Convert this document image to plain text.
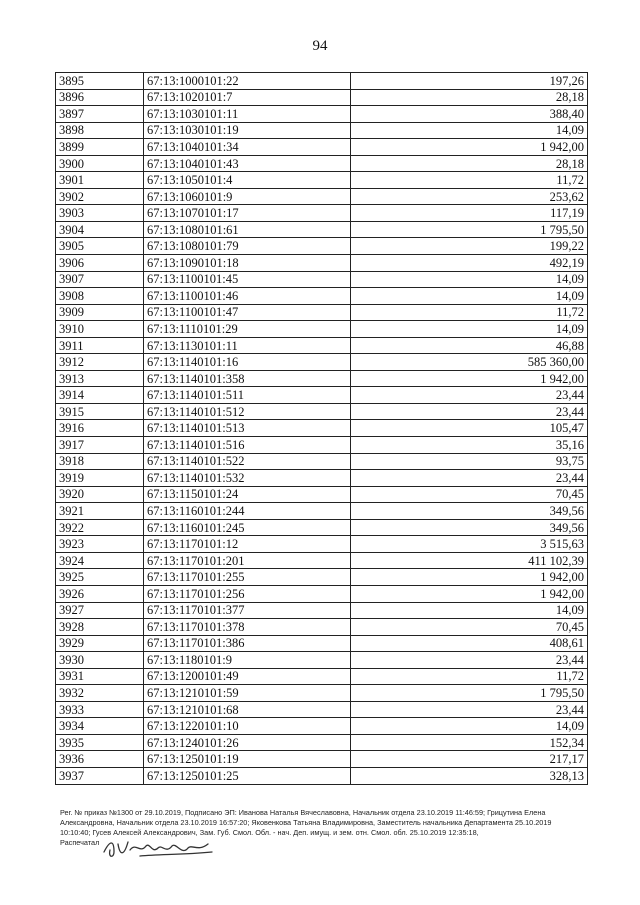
94
3895	67:13:1000101:22	197,26
3896	67:13:1020101:7	28,18
3897	67:13:1030101:11	388,40
3898	67:13:1030101:19	14,09
3899	67:13:1040101:34	1 942,00
3900	67:13:1040101:43	28,18
3901	67:13:1050101:4	11,72
3902	67:13:1060101:9	253,62
3903	67:13:1070101:17	117,19
3904	67:13:1080101:61	1 795,50
3905	67:13:1080101:79	199,22
3906	67:13:1090101:18	492,19
3907	67:13:1100101:45	14,09
3908	67:13:1100101:46	14,09
3909	67:13:1100101:47	11,72
3910	67:13:1110101:29	14,09
3911	67:13:1130101:11	46,88
3912	67:13:1140101:16	585 360,00
3913	67:13:1140101:358	1 942,00
3914	67:13:1140101:511	23,44
3915	67:13:1140101:512	23,44
3916	67:13:1140101:513	105,47
3917	67:13:1140101:516	35,16
3918	67:13:1140101:522	93,75
3919	67:13:1140101:532	23,44
3920	67:13:1150101:24	70,45
3921	67:13:1160101:244	349,56
3922	67:13:1160101:245	349,56
3923	67:13:1170101:12	3 515,63
3924	67:13:1170101:201	411 102,39
3925	67:13:1170101:255	1 942,00
3926	67:13:1170101:256	1 942,00
3927	67:13:1170101:377	14,09
3928	67:13:1170101:378	70,45
3929	67:13:1170101:386	408,61
3930	67:13:1180101:9	23,44
3931	67:13:1200101:49	11,72
3932	67:13:1210101:59	1 795,50
3933	67:13:1210101:68	23,44
3934	67:13:1220101:10	14,09
3935	67:13:1240101:26	152,34
3936	67:13:1250101:19	217,17
3937	67:13:1250101:25	328,13
Рег. № приказ №1300 от 29.10.2019, Подписано ЭП: Иванова Наталья Вячеславовна, Начальник отдела 23.10.2019 11:46:59; Грицутина Елена
Александровна, Начальник отдела 23.10.2019 16:57:20; Яковенкова Татьяна Владимировна, Заместитель начальника Департамента 25.10.2019
10:10:40; Гусев Алексей Александрович, Зам. Губ. Смол. Обл. - нач. Деп. имущ. и зем. отн. Смол. обл. 25.10.2019 12:35:18,
Распечатал
